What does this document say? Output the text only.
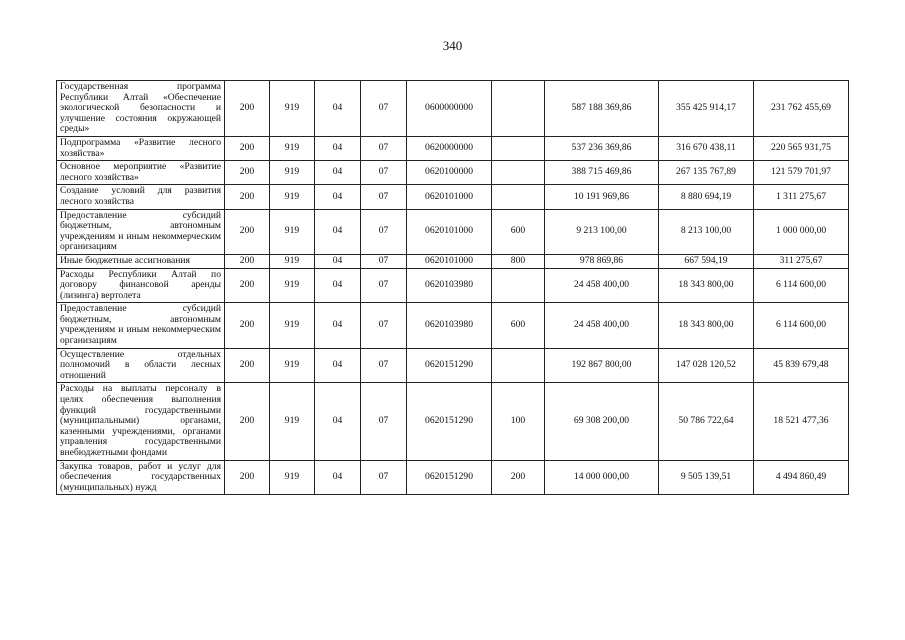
340
Государственная программа Республики Алтай «Обеспечение экологической безопасности и улучшение состояния окружающей среды»	200	919	04	07	0600000000		587 188 369,86	355 425 914,17	231 762 455,69
Подпрограмма «Развитие лесного хозяйства»	200	919	04	07	0620000000		537 236 369,86	316 670 438,11	220 565 931,75
Основное мероприятие «Развитие лесного хозяйства»	200	919	04	07	0620100000		388 715 469,86	267 135 767,89	121 579 701,97
Создание условий для развития лесного хозяйства	200	919	04	07	0620101000		10 191 969,86	8 880 694,19	1 311 275,67
Предоставление субсидий бюджетным, автономным учреждениям и иным некоммерческим организациям	200	919	04	07	0620101000	600	9 213 100,00	8 213 100,00	1 000 000,00
Иные бюджетные ассигнования	200	919	04	07	0620101000	800	978 869,86	667 594,19	311 275,67
Расходы Республики Алтай по договору финансовой аренды (лизинга) вертолета	200	919	04	07	0620103980		24 458 400,00	18 343 800,00	6 114 600,00
Предоставление субсидий бюджетным, автономным учреждениям и иным некоммерческим организациям	200	919	04	07	0620103980	600	24 458 400,00	18 343 800,00	6 114 600,00
Осуществление отдельных полномочий в области лесных отношений	200	919	04	07	0620151290		192 867 800,00	147 028 120,52	45 839 679,48
Расходы на выплаты персоналу в целях обеспечения выполнения функций государственными (муниципальными) органами, казенными учреждениями, органами управления государственными внебюджетными фондами	200	919	04	07	0620151290	100	69 308 200,00	50 786 722,64	18 521 477,36
Закупка товаров, работ и услуг для обеспечения государственных (муниципальных) нужд	200	919	04	07	0620151290	200	14 000 000,00	9 505 139,51	4 494 860,49
